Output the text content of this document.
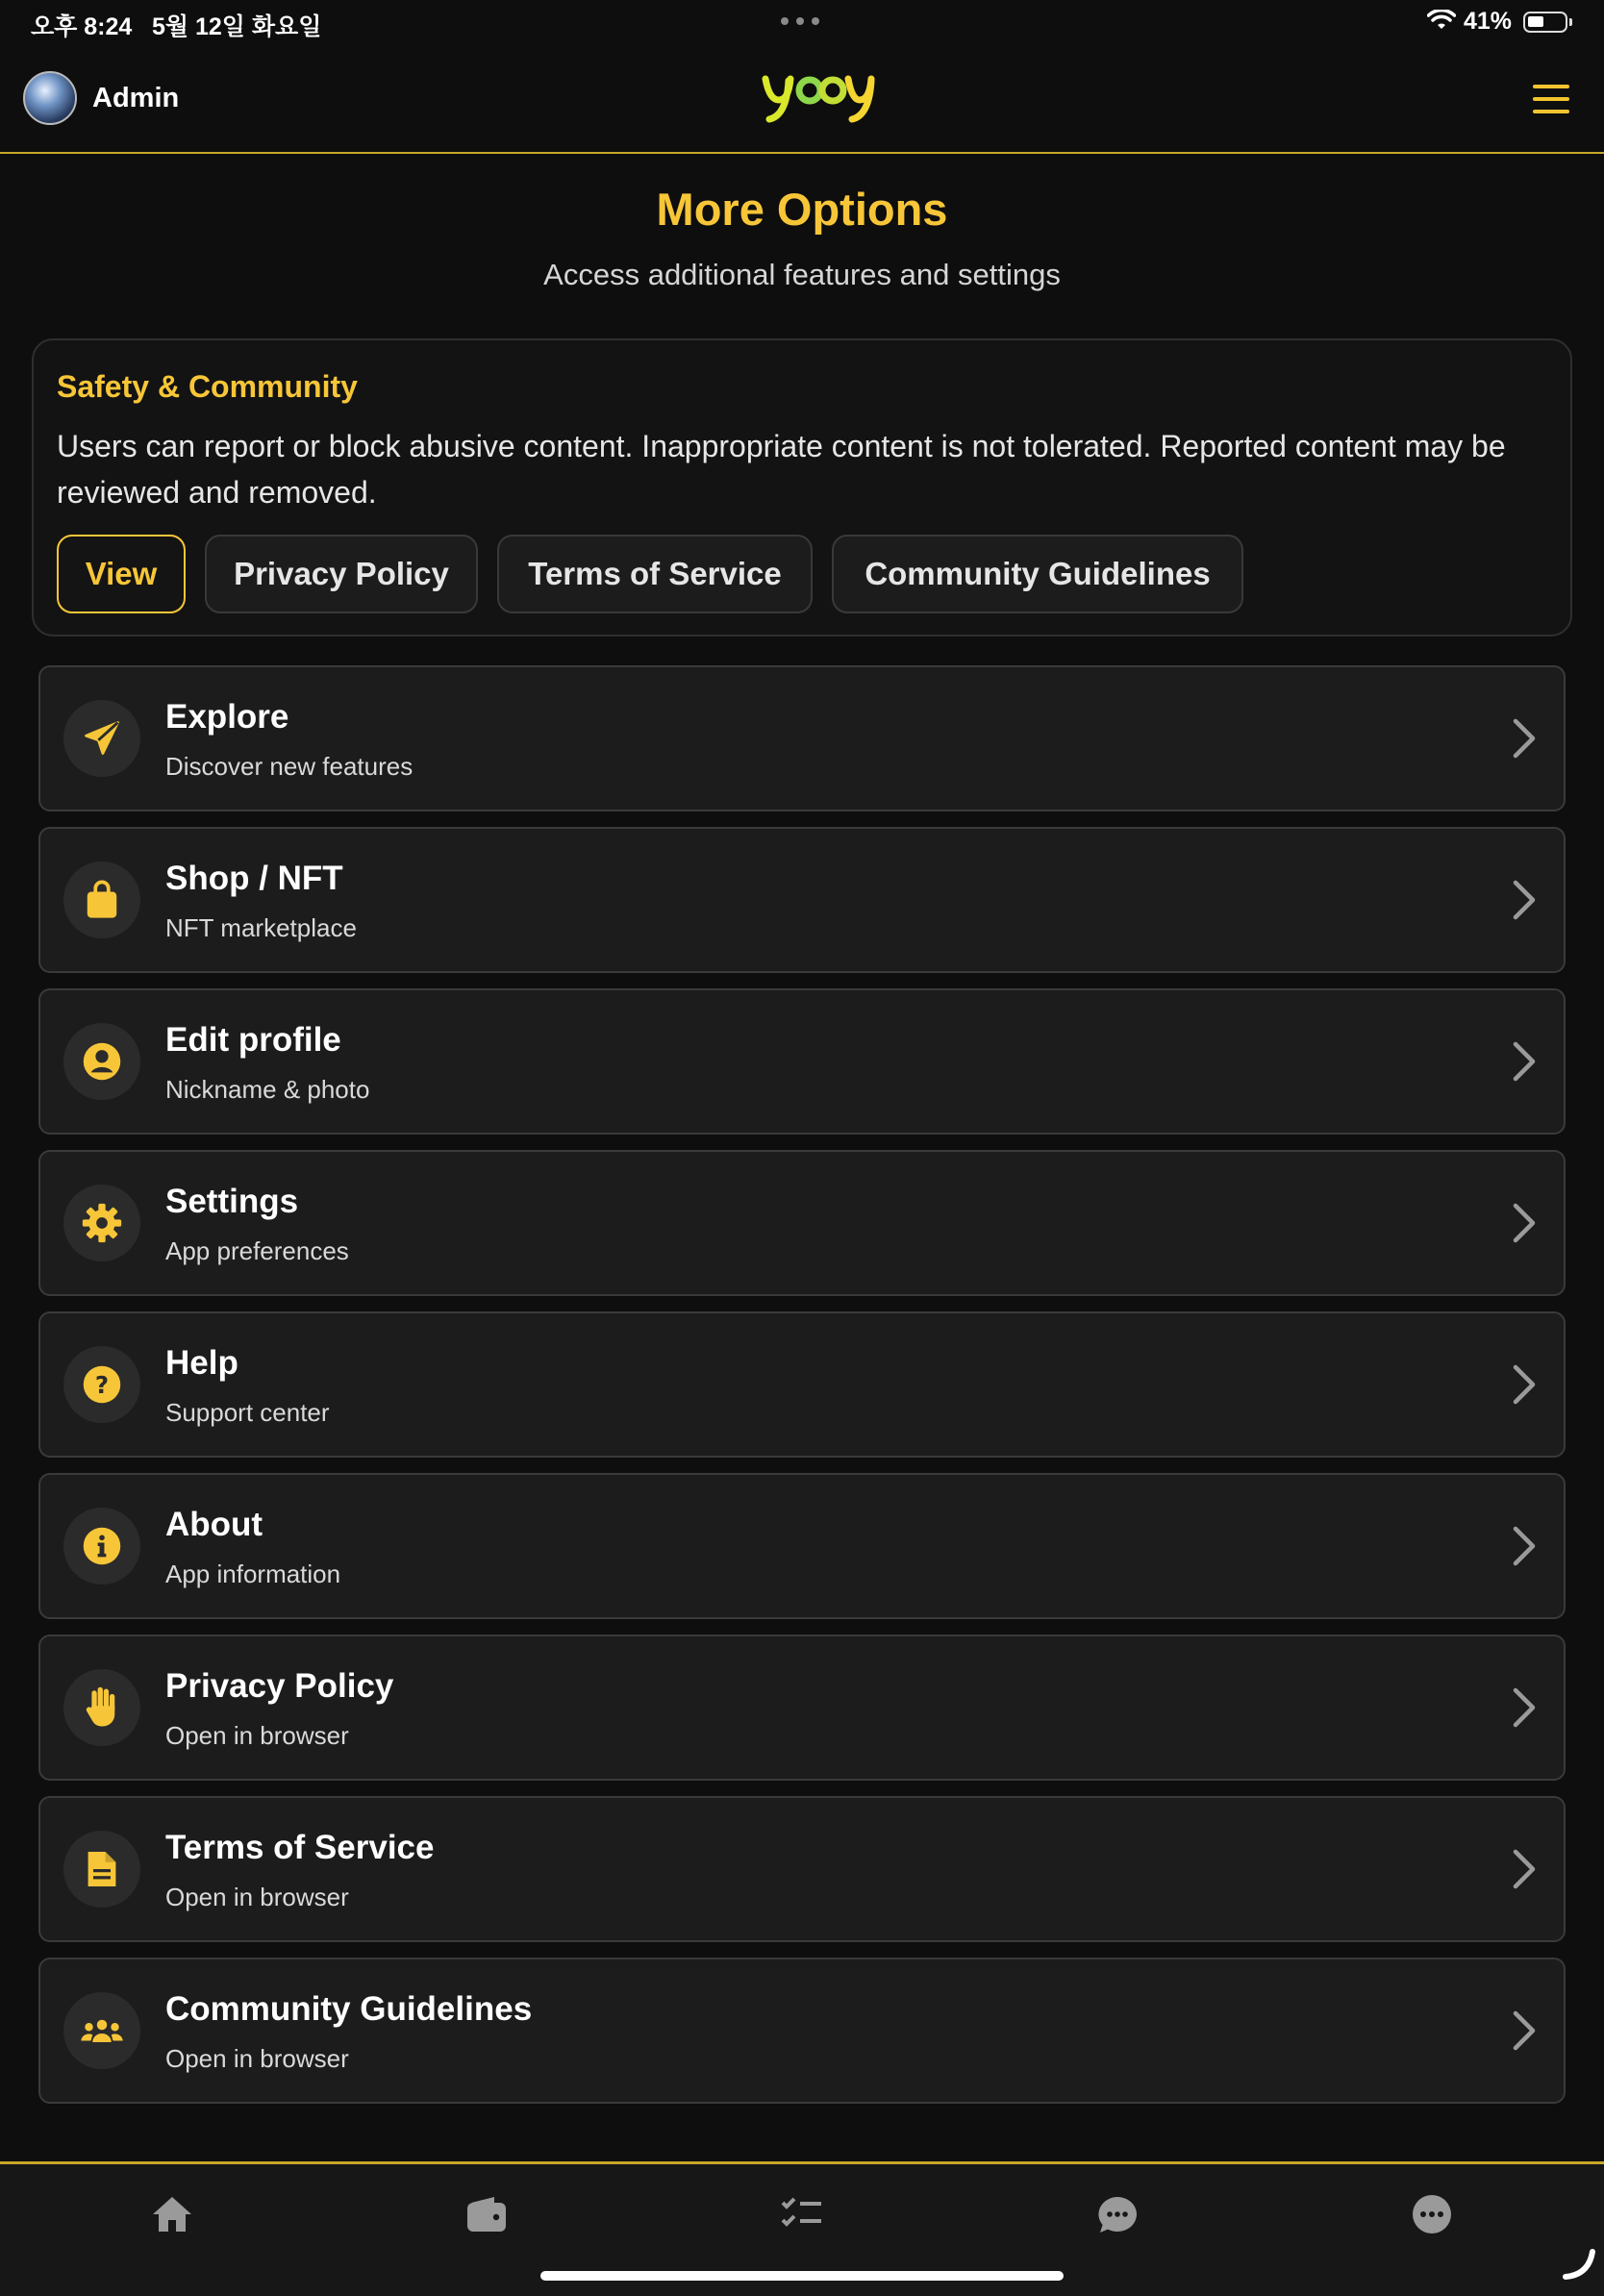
오후 8:24 5월 12일 화요일	41%
Admin
More Options
Access additional features and settings
Safety & Community
Users can report or block abusive content. Inappropriate content is not tolerated. Reported content may be reviewed and removed.
View	Privacy Policy	Terms of Service	Community Guidelines
Explore
Discover new features
Shop / NFT
NFT marketplace
Edit profile
Nickname & photo
Settings
App preferences
?
Help
Support center
About
App information
Privacy Policy
Open in browser
Terms of Service
Open in browser
Community Guidelines
Open in browser
